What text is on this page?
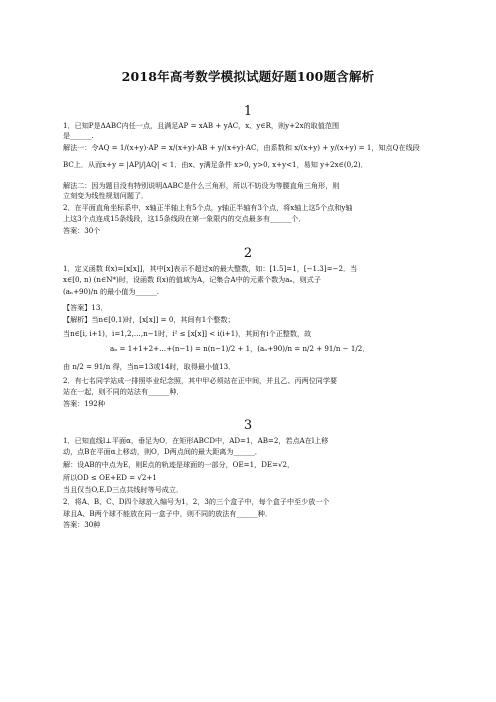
2018年高考数学模拟试题好题100题含解析
1
1．已知P是ΔABC内任一点，且满足AP = xAB + yAC，x、y∈R，则y+2x的取值范围
是______.
解法一：令AQ = 1/(x+y)·AP = x/(x+y)·AB + y/(x+y)·AC，由系数和 x/(x+y) + y/(x+y) = 1，知点Q在线段
BC上．从而x+y = |AP|/|AQ| < 1．由x、y满足条件 x>0, y>0, x+y<1，易知 y+2x∈(0,2)．
解法二：因为题目没有特别说明ΔABC是什么三角形，所以不妨设为等腰直角三角形，则
立刻变为线性规划问题了．
2．在平面直角坐标系中，x轴正半轴上有5个点，y轴正半轴有3个点，将x轴上这5个点和y轴
上这3个点连成15条线段，这15条线段在第一象限内的交点最多有______个．
答案：30个
2
1．定义函数 f(x)=[x[x]]，其中[x]表示不超过x的最大整数，如：[1.5]=1，[−1.3]=−2．当
x∈[0, n) (n∈N*)时，设函数 f(x)的值域为A，记集合A中的元素个数为aₙ，则式子
(aₙ+90)/n 的最小值为______.
【答案】13．
【解析】当n∈[0,1)时，[x[x]] = 0，其间有1个整数；
当n∈[i, i+1)，i=1,2,…,n−1时，i² ≤ [x[x]] < i(i+1)，其间有i个正整数，故
aₙ = 1+1+2+…+(n−1) = n(n−1)/2 + 1，(aₙ+90)/n = n/2 + 91/n − 1/2．
由 n/2 = 91/n 得，当n=13或14时，取得最小值13．
2．有七名同学站成一排照毕业纪念照，其中甲必须站在正中间，并且乙、丙两位同学要
站在一起，则不同的站法有______种．
答案：192种
3
1．已知直线l⊥平面α，垂足为O．在矩形ABCD中，AD=1，AB=2，若点A在l上移
动，点B在平面α上移动，则O，D两点间的最大距离为______．
解：设AB的中点为E，则E点的轨迹是球面的一部分，OE=1，DE=√2，
所以OD ≤ OE+ED = √2+1
当且仅当O,E,D三点共线时等号成立．
2．将A、B、C、D四个球放入编号为1，2，3的三个盒子中，每个盒子中至少放一个
球且A、B两个球不能放在同一盒子中，则不同的放法有______种．
答案：30种
